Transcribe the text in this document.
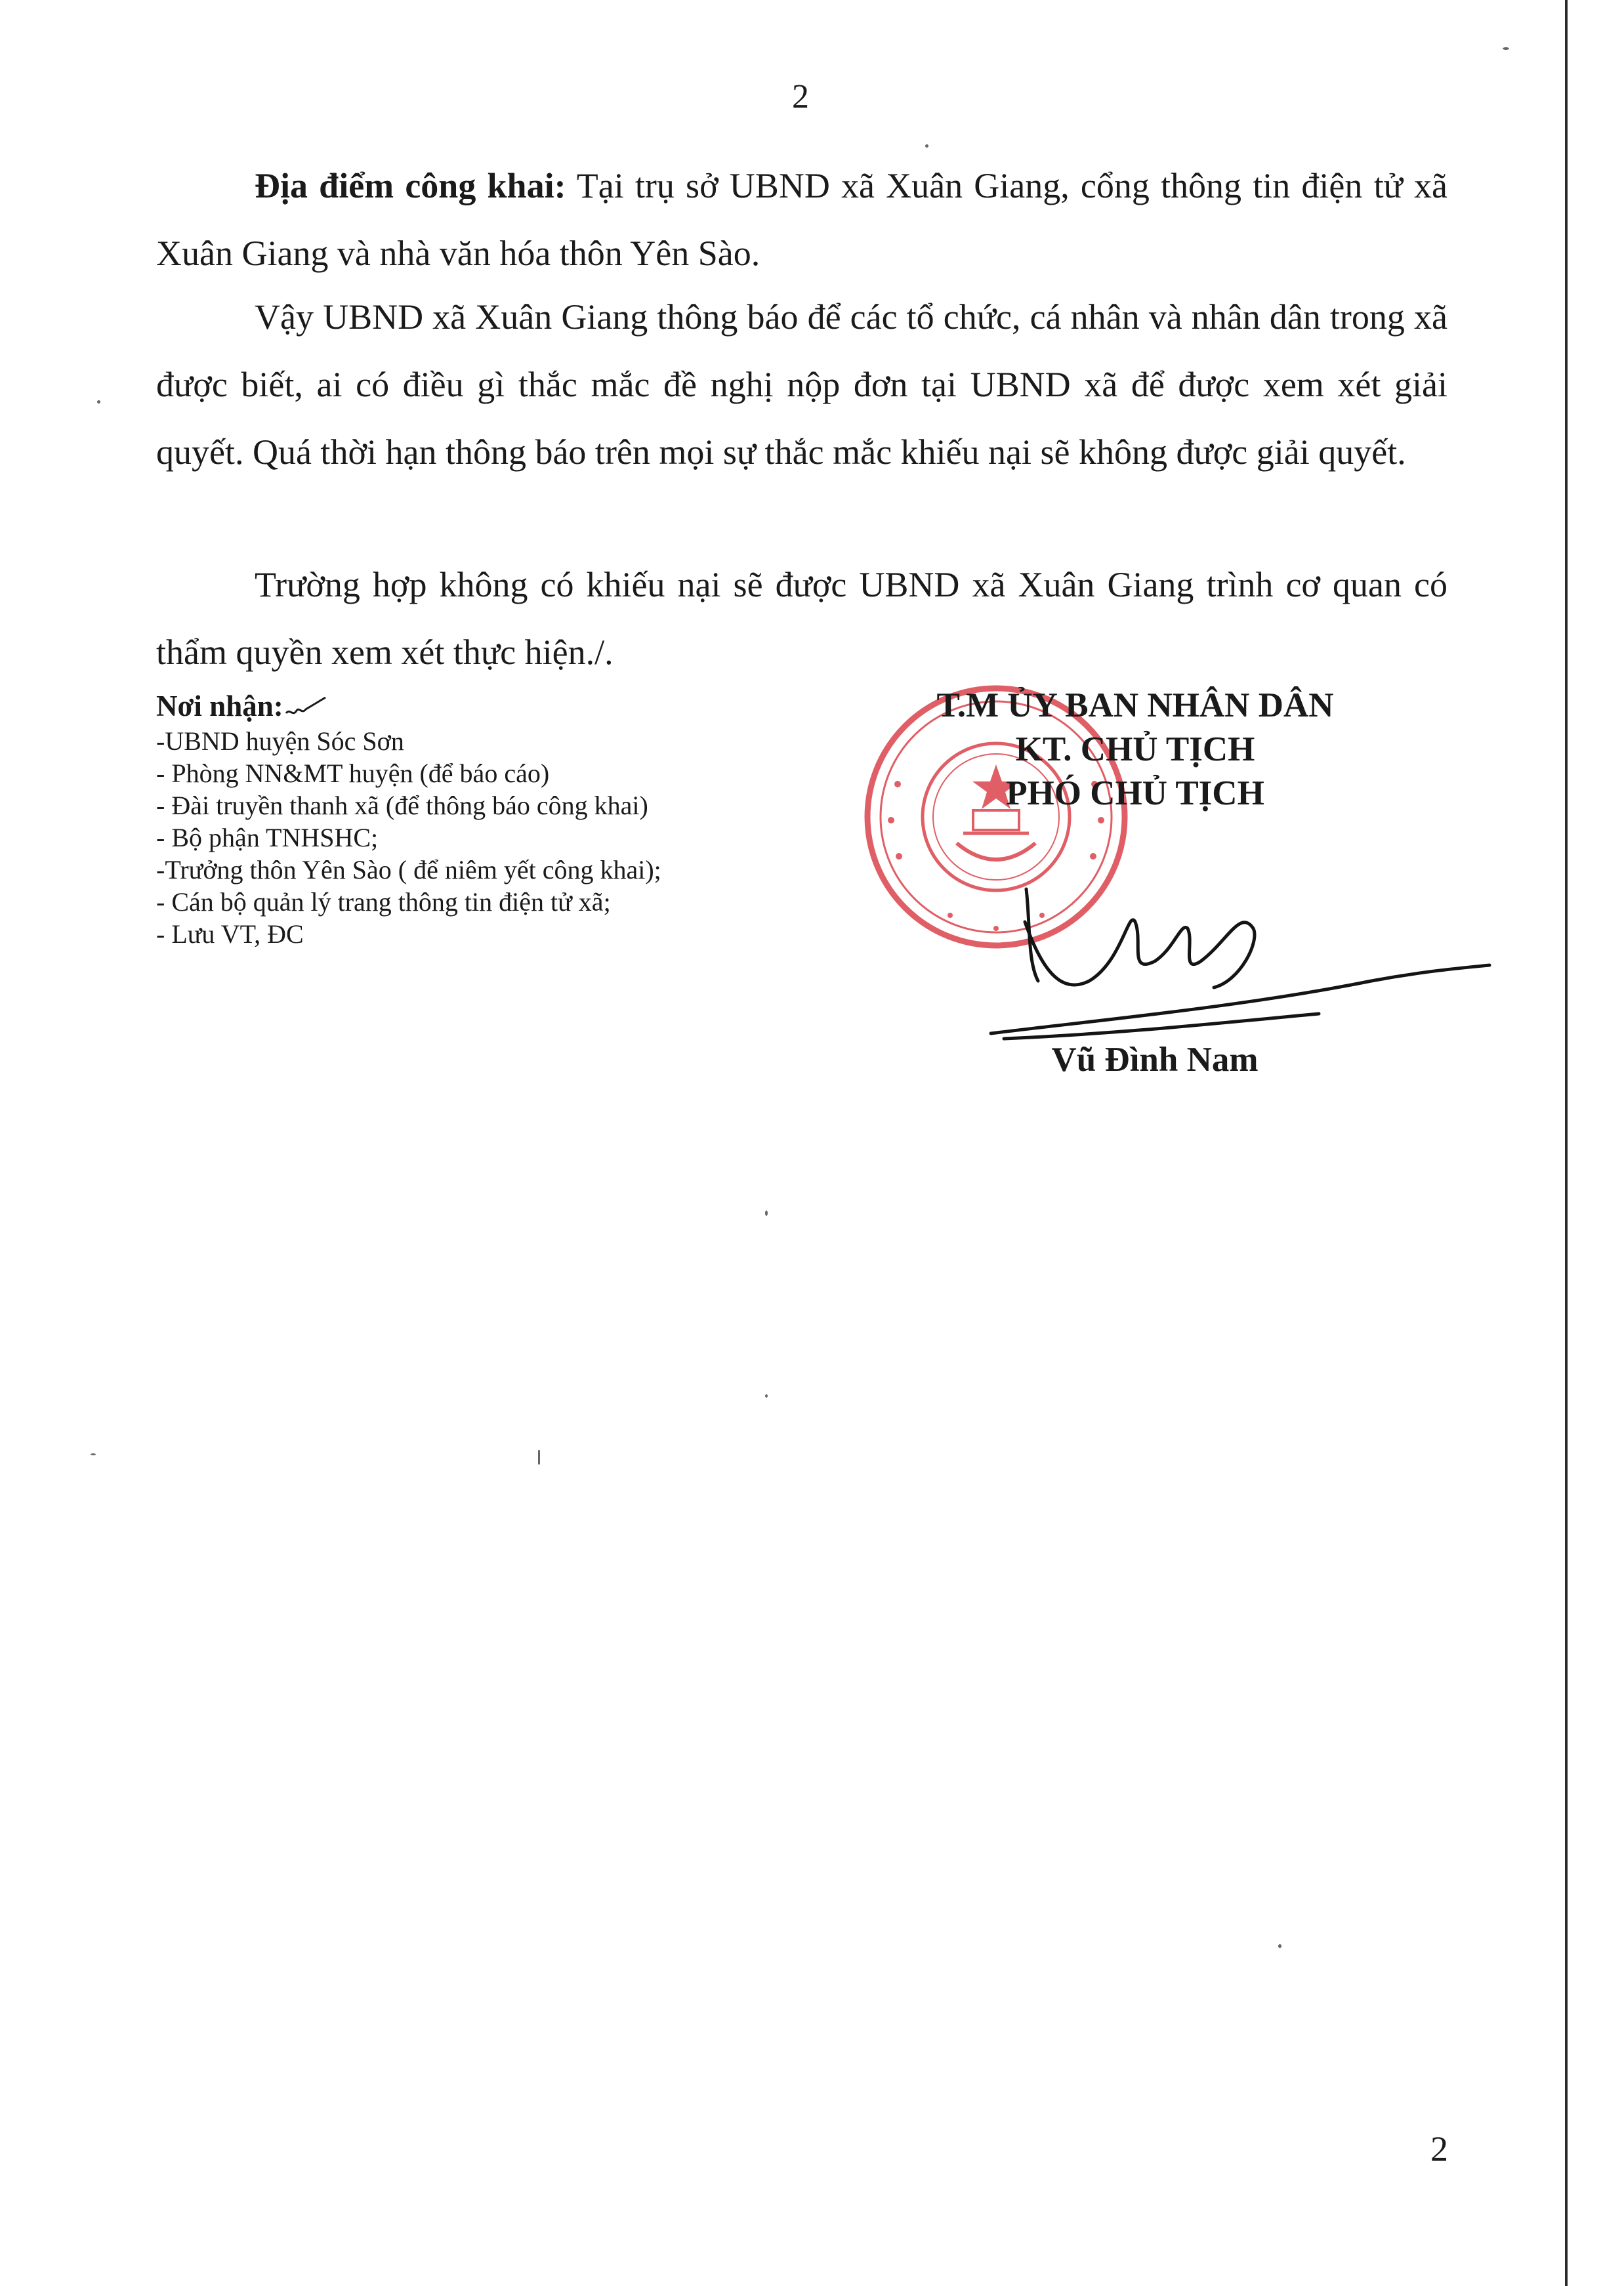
2

Địa điểm công khai: Tại trụ sở UBND xã Xuân Giang, cổng thông tin điện tử xã Xuân Giang và nhà văn hóa thôn Yên Sào.

Vậy UBND xã Xuân Giang thông báo để các tổ chức, cá nhân và nhân dân trong xã được biết, ai có điều gì thắc mắc đề nghị nộp đơn tại UBND xã để được xem xét giải quyết. Quá thời hạn thông báo trên mọi sự thắc mắc khiếu nại sẽ không được giải quyết.

Trường hợp không có khiếu nại sẽ được UBND xã Xuân Giang trình cơ quan có thẩm quyền xem xét thực hiện./.

Nơi nhận:
-UBND huyện Sóc Sơn
- Phòng NN&MT huyện (để báo cáo)
- Đài truyền thanh xã (để thông báo công khai)
- Bộ phận TNHSHC;
-Trưởng thôn Yên Sào ( để niêm yết công khai);
- Cán bộ quản lý trang thông tin điện tử xã;
- Lưu VT, ĐC
T.M ỦY BAN NHÂN DÂN
KT. CHỦ TỊCH
PHÓ CHỦ TỊCH
Vũ Đình Nam
2
